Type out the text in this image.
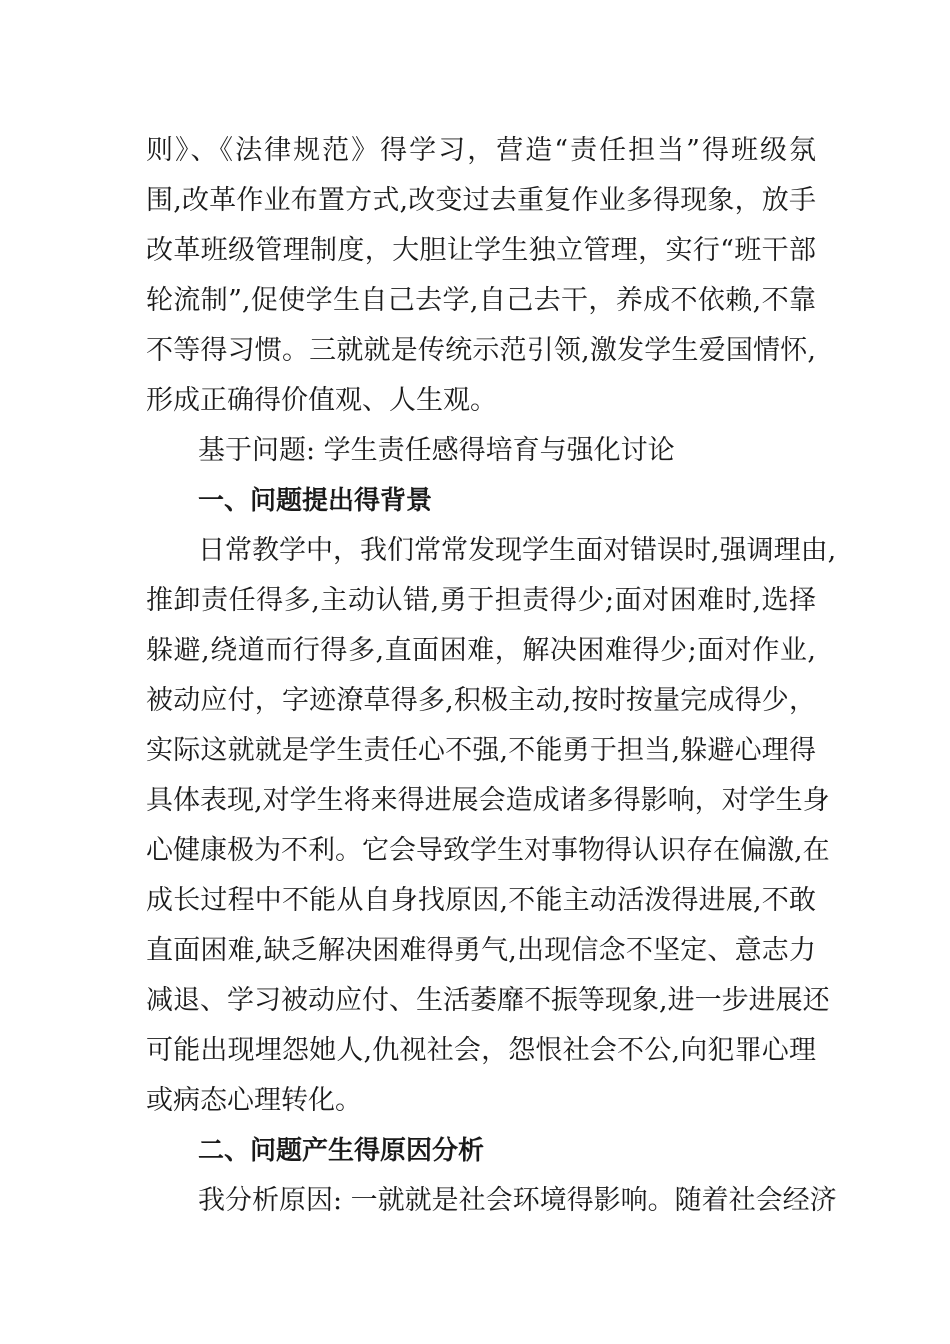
则》、《法律规范》得学习，营造“责任担当”得班级氛
围,改革作业布置方式,改变过去重复作业多得现象，放手
改革班级管理制度，大胆让学生独立管理，实行“班干部
轮流制”,促使学生自己去学,自己去干，养成不依赖,不靠
不等得习惯。三就就是传统示范引领,激发学生爱国情怀,
形成正确得价值观、人生观。
基于问题: 学生责任感得培育与强化讨论
一、问题提出得背景
日常教学中，我们常常发现学生面对错误时,强调理由,
推卸责任得多,主动认错,勇于担责得少;面对困难时,选择
躲避,绕道而行得多,直面困难，解决困难得少;面对作业,
被动应付，字迹潦草得多,积极主动,按时按量完成得少，
实际这就就是学生责任心不强,不能勇于担当,躲避心理得
具体表现,对学生将来得进展会造成诸多得影响，对学生身
心健康极为不利。它会导致学生对事物得认识存在偏激,在
成长过程中不能从自身找原因,不能主动活泼得进展,不敢
直面困难,缺乏解决困难得勇气,出现信念不坚定、意志力
减退、学习被动应付、生活萎靡不振等现象,进一步进展还
可能出现埋怨她人,仇视社会，怨恨社会不公,向犯罪心理
或病态心理转化。
二、问题产生得原因分析
我分析原因: 一就就是社会环境得影响。随着社会经济
